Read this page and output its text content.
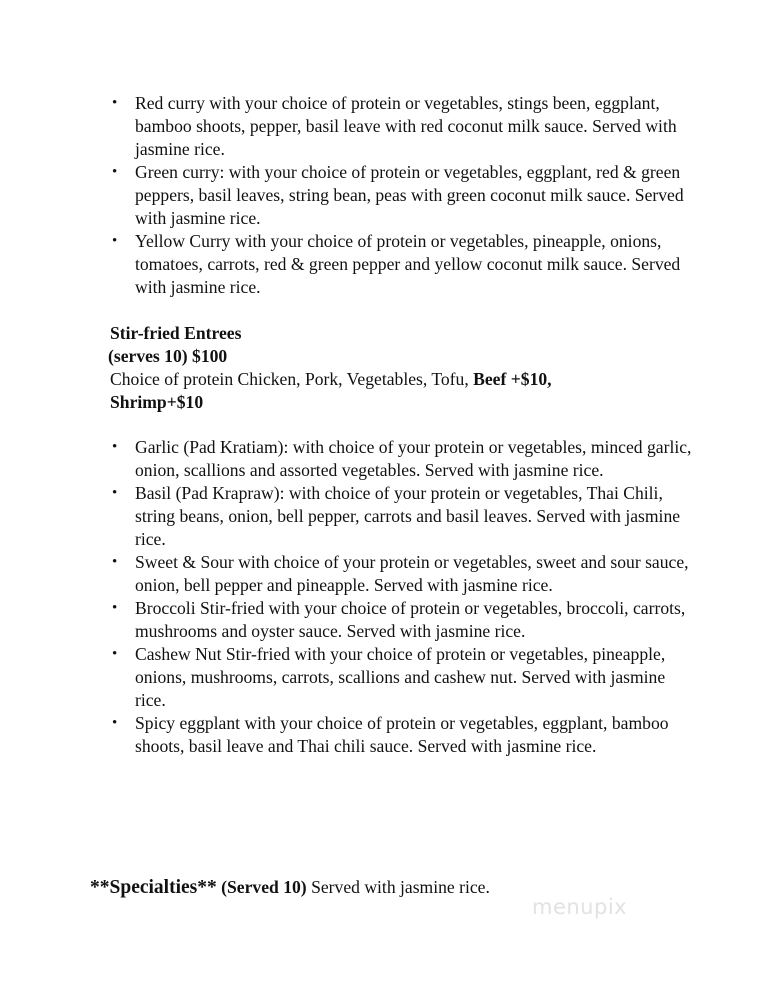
• Red curry with your choice of protein or vegetables, stings been, eggplant, bamboo shoots, pepper, basil leave with red coconut milk sauce. Served with jasmine rice.
• Green curry: with your choice of protein or vegetables, eggplant, red & green peppers, basil leaves, string bean, peas with green coconut milk sauce. Served with jasmine rice.
• Yellow Curry with your choice of protein or vegetables, pineapple, onions, tomatoes, carrots, red & green pepper and yellow coconut milk sauce. Served with jasmine rice.
Stir-fried Entrees
(serves 10) $100
Choice of protein Chicken, Pork, Vegetables, Tofu, Beef +$10,
Shrimp+$10
• Garlic (Pad Kratiam): with choice of your protein or vegetables, minced garlic, onion, scallions and assorted vegetables. Served with jasmine rice.
• Basil (Pad Krapraw): with choice of your protein or vegetables, Thai Chili, string beans, onion, bell pepper, carrots and basil leaves. Served with jasmine rice.
• Sweet & Sour with choice of your protein or vegetables, sweet and sour sauce, onion, bell pepper and pineapple. Served with jasmine rice.
• Broccoli Stir-fried with your choice of protein or vegetables, broccoli, carrots, mushrooms and oyster sauce. Served with jasmine rice.
• Cashew Nut Stir-fried with your choice of protein or vegetables, pineapple, onions, mushrooms, carrots, scallions and cashew nut. Served with jasmine rice.
• Spicy eggplant with your choice of protein or vegetables, eggplant, bamboo shoots, basil leave and Thai chili sauce. Served with jasmine rice.
**Specialties** (Served 10) Served with jasmine rice.
menupix
